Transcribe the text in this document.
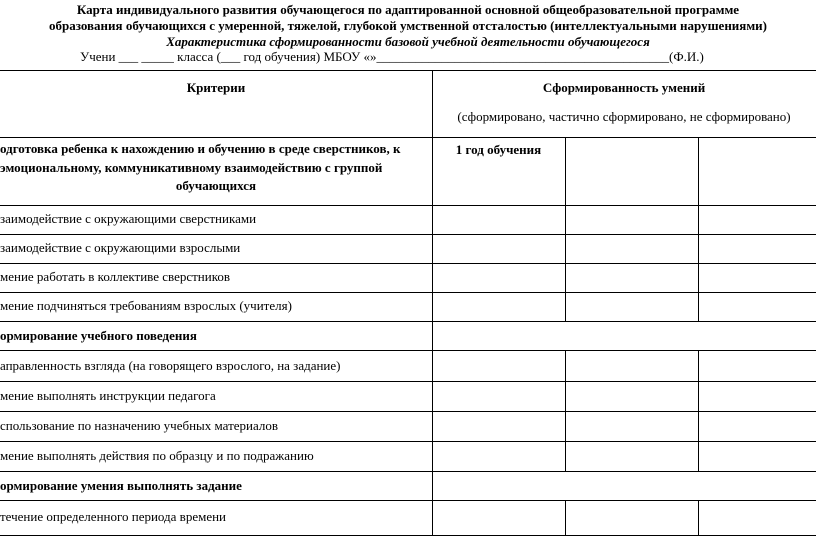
Карта индивидуального развития обучающегося по адаптированной основной общеобразовательной программе
образования обучающихся с умеренной, тяжелой, глубокой умственной отсталостью (интеллектуальными нарушениями)
Характеристика сформированности базовой учебной деятельности обучающегося
Учени ___ _____ класса (___ год обучения) МБОУ «»_____________________________________________(Ф.И.)
Критерии	Сформированность умений
(сформировано, частично сформировано, не сформировано)
одготовка ребенка к нахождению и обучению в среде сверстников, к
эмоциональному, коммуникативному взаимодействию с группой
обучающихся
1 год обучения
заимодействие с окружающими сверстниками
заимодействие с окружающими взрослыми
мение работать в коллективе сверстников
мение подчиняться требованиям взрослых (учителя)
ормирование учебного поведения
аправленность взгляда (на говорящего взрослого, на задание)
мение выполнять инструкции педагога
спользование по назначению учебных материалов
мение выполнять действия по образцу и по подражанию
ормирование умения выполнять задание
течение определенного периода времени
